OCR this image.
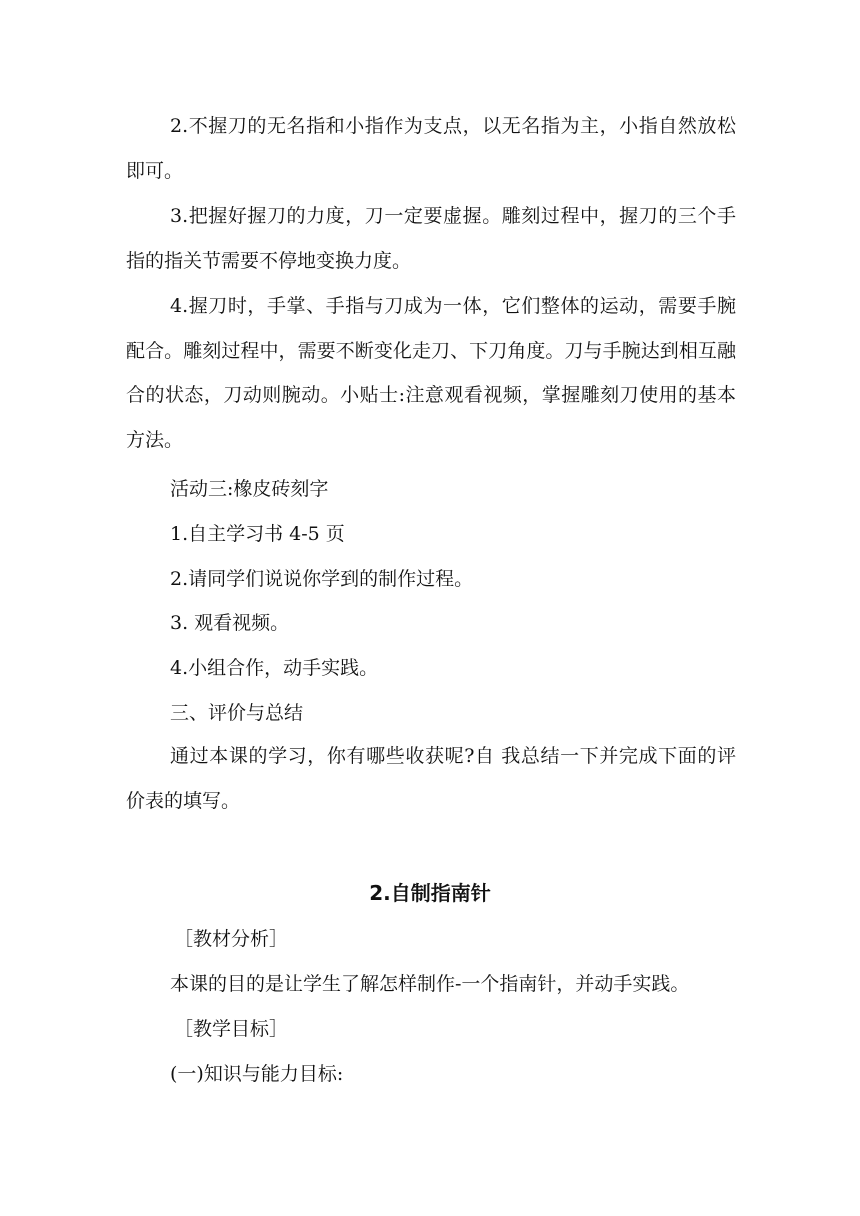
2.不握刀的无名指和小指作为支点，以无名指为主，小指自然放松即可。

3.把握好握刀的力度，刀一定要虚握。雕刻过程中，握刀的三个手指的指关节需要不停地变换力度。

4.握刀时，手掌、手指与刀成为一体，它们整体的运动，需要手腕配合。雕刻过程中，需要不断变化走刀、下刀角度。刀与手腕达到相互融合的状态，刀动则腕动。小贴士:注意观看视频，掌握雕刻刀使用的基本方法。

活动三:橡皮砖刻字

1.自主学习书 4-5 页

2.请同学们说说你学到的制作过程。

3. 观看视频。

4.小组合作，动手实践。

三、评价与总结

通过本课的学习，你有哪些收获呢?自 我总结一下并完成下面的评价表的填写。

2.自制指南针

［教材分析］

本课的目的是让学生了解怎样制作-一个指南针，并动手实践。

［教学目标］

(一)知识与能力目标:
